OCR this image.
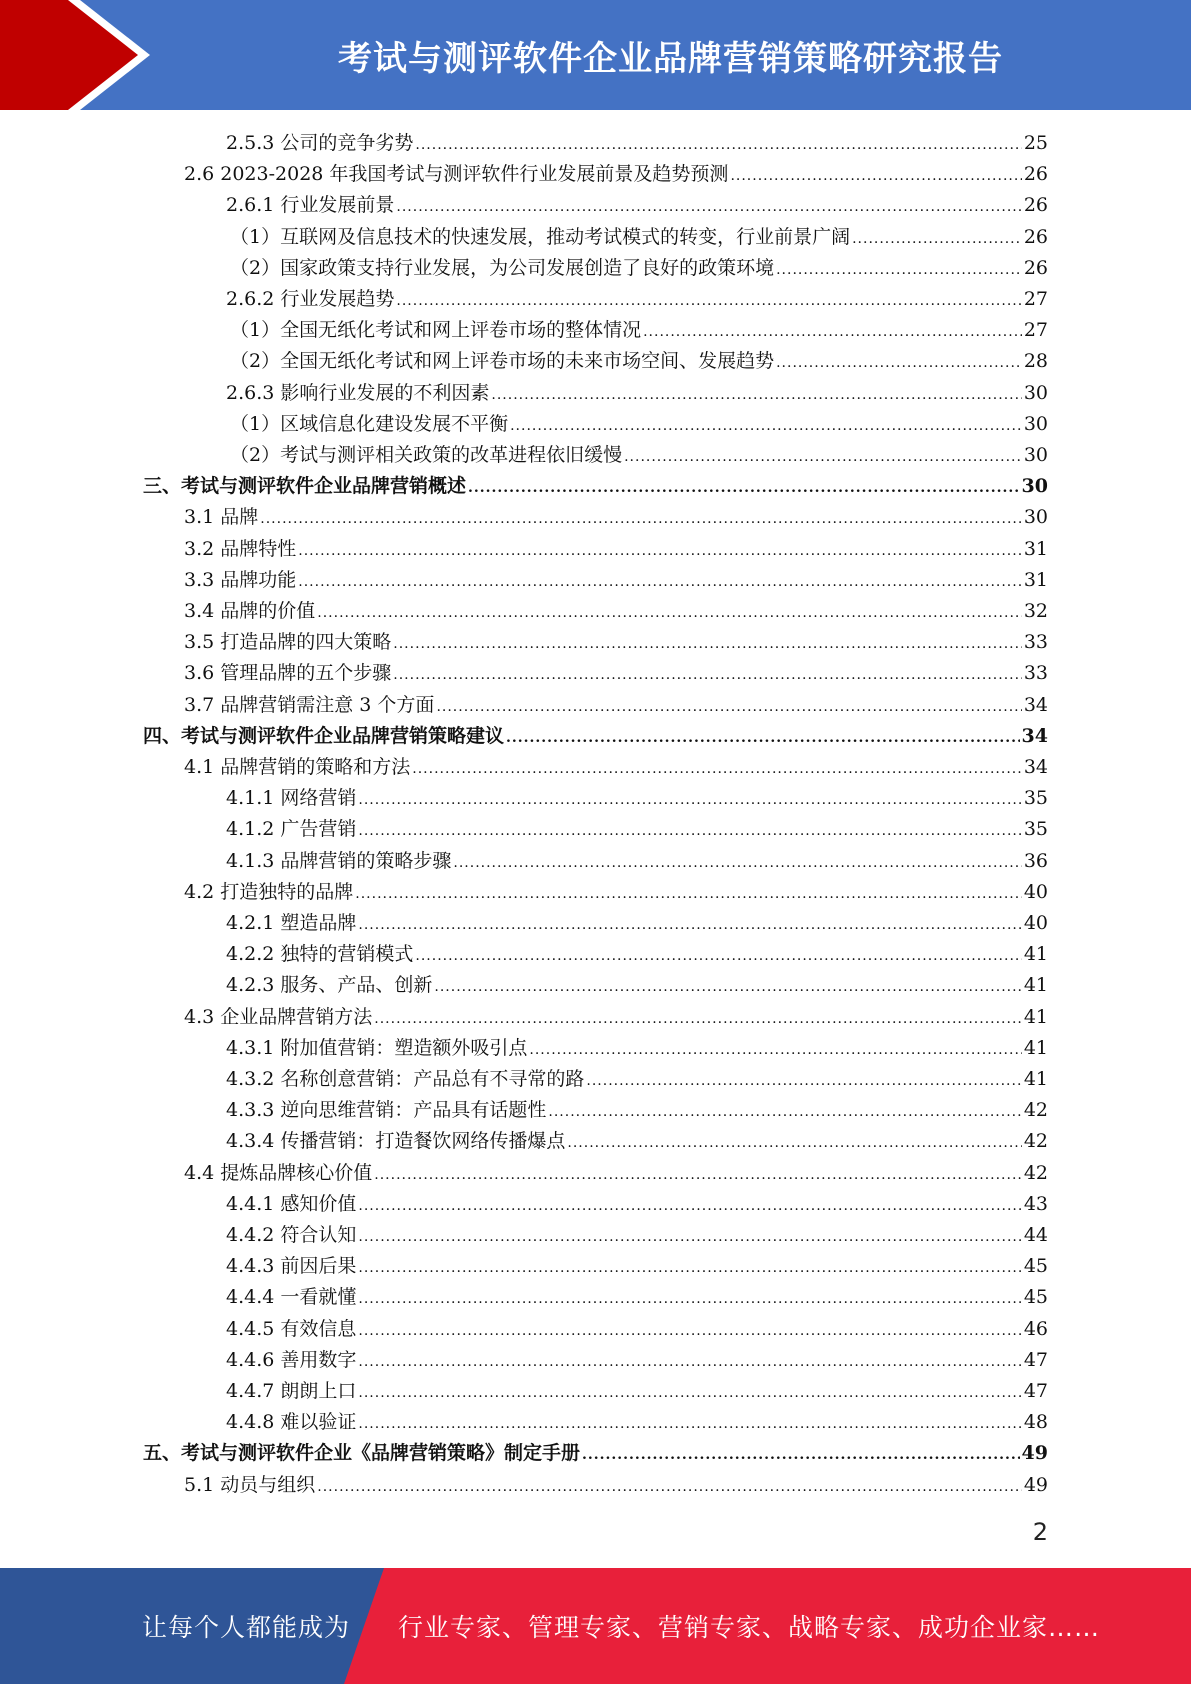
考试与测评软件企业品牌营销策略研究报告
2.5.3 公司的竞争劣势 .....	25
2.6 2023-2028 年我国考试与测评软件行业发展前景及趋势预测 .....	26
2.6.1 行业发展前景 .....	26
（1）互联网及信息技术的快速发展，推动考试模式的转变，行业前景广阔 .....	26
（2）国家政策支持行业发展，为公司发展创造了良好的政策环境 .....	26
2.6.2 行业发展趋势 .....	27
（1）全国无纸化考试和网上评卷市场的整体情况 .....	27
（2）全国无纸化考试和网上评卷市场的未来市场空间、发展趋势 .....	28
2.6.3 影响行业发展的不利因素 .....	30
（1）区域信息化建设发展不平衡 .....	30
（2）考试与测评相关政策的改革进程依旧缓慢 .....	30
三、考试与测评软件企业品牌营销概述 .....	30
3.1 品牌 .....	30
3.2 品牌特性 .....	31
3.3 品牌功能 .....	31
3.4 品牌的价值 .....	32
3.5 打造品牌的四大策略 .....	33
3.6 管理品牌的五个步骤 .....	33
3.7 品牌营销需注意 3 个方面 .....	34
四、考试与测评软件企业品牌营销策略建议 .....	34
4.1 品牌营销的策略和方法 .....	34
4.1.1 网络营销 .....	35
4.1.2 广告营销 .....	35
4.1.3 品牌营销的策略步骤 .....	36
4.2 打造独特的品牌 .....	40
4.2.1 塑造品牌 .....	40
4.2.2 独特的营销模式 .....	41
4.2.3 服务、产品、创新 .....	41
4.3 企业品牌营销方法 .....	41
4.3.1 附加值营销：塑造额外吸引点 .....	41
4.3.2 名称创意营销：产品总有不寻常的路 .....	41
4.3.3 逆向思维营销：产品具有话题性 .....	42
4.3.4 传播营销：打造餐饮网络传播爆点 .....	42
4.4 提炼品牌核心价值 .....	42
4.4.1 感知价值 .....	43
4.4.2 符合认知 .....	44
4.4.3 前因后果 .....	45
4.4.4 一看就懂 .....	45
4.4.5 有效信息 .....	46
4.4.6 善用数字 .....	47
4.4.7 朗朗上口 .....	47
4.4.8 难以验证 .....	48
五、考试与测评软件企业《品牌营销策略》制定手册 .....	49
5.1 动员与组织 .....	49
2
让每个人都能成为 行业专家、管理专家、营销专家、战略专家、成功企业家……
